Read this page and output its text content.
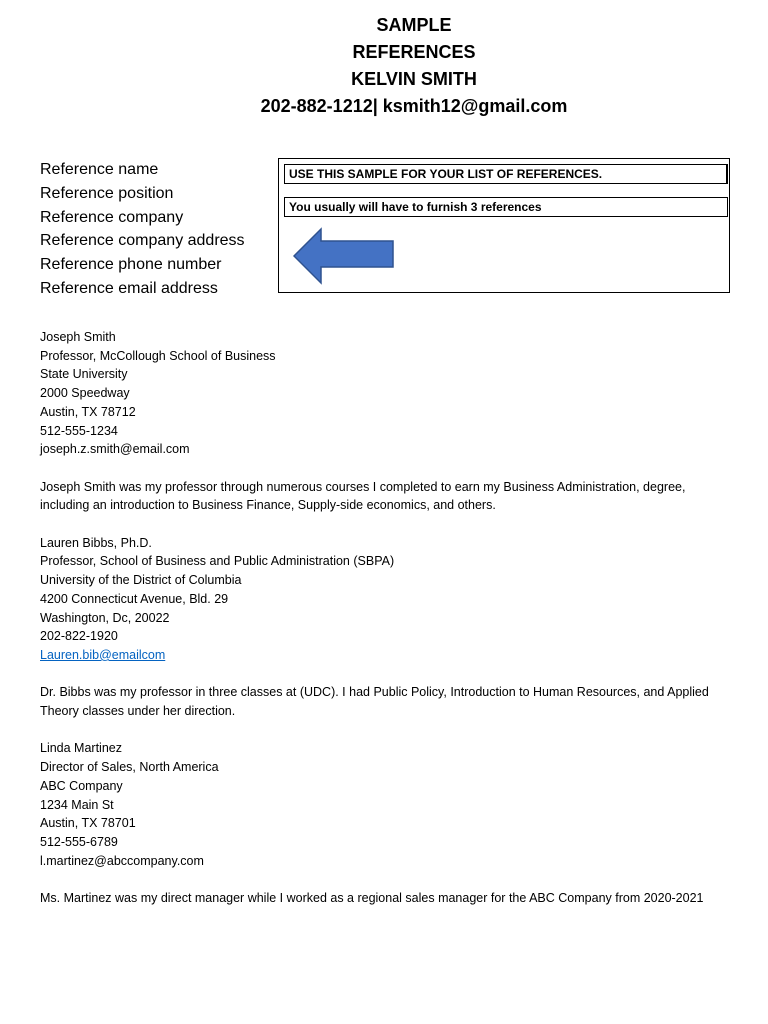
SAMPLE
REFERENCES
KELVIN SMITH
202-882-1212| ksmith12@gmail.com
Reference name
Reference position
Reference company
Reference company address
Reference phone number
Reference email address
USE THIS SAMPLE FOR YOUR LIST OF REFERENCES.
You usually will have to furnish 3 references
Joseph Smith
Professor, McCollough School of Business
State University
2000 Speedway
Austin, TX 78712
512-555-1234
joseph.z.smith@email.com
Joseph Smith was my professor through numerous courses I completed to earn my Business Administration, degree,
including an introduction to Business Finance, Supply-side economics, and others.
Lauren Bibbs, Ph.D.
Professor, School of Business and Public Administration (SBPA)
University of the District of Columbia
4200 Connecticut Avenue, Bld. 29
Washington, Dc, 20022
202-822-1920
Lauren.bib@emailcom
Dr. Bibbs was my professor in three classes at (UDC). I had Public Policy, Introduction to Human Resources, and Applied
Theory classes under her direction.
Linda Martinez
Director of Sales, North America
ABC Company
1234 Main St
Austin, TX 78701
512-555-6789
l.martinez@abccompany.com
Ms. Martinez was my direct manager while I worked as a regional sales manager for the ABC Company from 2020-2021
